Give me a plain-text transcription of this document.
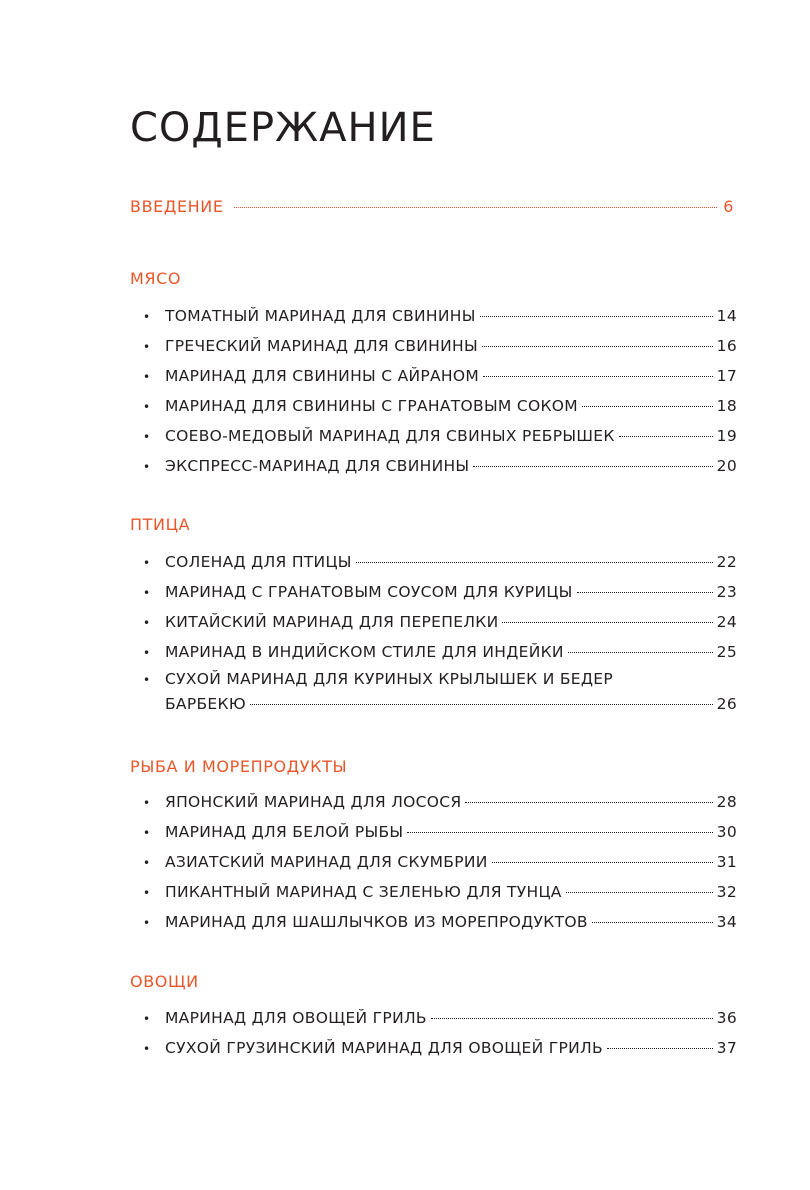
СОДЕРЖАНИЕ
ВВЕДЕНИЕ	6
МЯСО
• ТОМАТНЫЙ МАРИНАД ДЛЯ СВИНИНЫ	14
• ГРЕЧЕСКИЙ МАРИНАД ДЛЯ СВИНИНЫ	16
• МАРИНАД ДЛЯ СВИНИНЫ С АЙРАНОМ	17
• МАРИНАД ДЛЯ СВИНИНЫ С ГРАНАТОВЫМ СОКОМ	18
• СОЕВО-МЕДОВЫЙ МАРИНАД ДЛЯ СВИНЫХ РЕБРЫШЕК	19
• ЭКСПРЕСС-МАРИНАД ДЛЯ СВИНИНЫ	20
ПТИЦА
• СОЛЕНАД ДЛЯ ПТИЦЫ	22
• МАРИНАД С ГРАНАТОВЫМ СОУСОМ ДЛЯ КУРИЦЫ	23
• КИТАЙСКИЙ МАРИНАД ДЛЯ ПЕРЕПЕЛКИ	24
• МАРИНАД В ИНДИЙСКОМ СТИЛЕ ДЛЯ ИНДЕЙКИ	25
• СУХОЙ МАРИНАД ДЛЯ КУРИНЫХ КРЫЛЫШЕК И БЕДЕР
БАРБЕКЮ	26
РЫБА И МОРЕПРОДУКТЫ
• ЯПОНСКИЙ МАРИНАД ДЛЯ ЛОСОСЯ	28
• МАРИНАД ДЛЯ БЕЛОЙ РЫБЫ	30
• АЗИАТСКИЙ МАРИНАД ДЛЯ СКУМБРИИ	31
• ПИКАНТНЫЙ МАРИНАД С ЗЕЛЕНЬЮ ДЛЯ ТУНЦА	32
• МАРИНАД ДЛЯ ШАШЛЫЧКОВ ИЗ МОРЕПРОДУКТОВ	34
ОВОЩИ
• МАРИНАД ДЛЯ ОВОЩЕЙ ГРИЛЬ	36
• СУХОЙ ГРУЗИНСКИЙ МАРИНАД ДЛЯ ОВОЩЕЙ ГРИЛЬ	37
